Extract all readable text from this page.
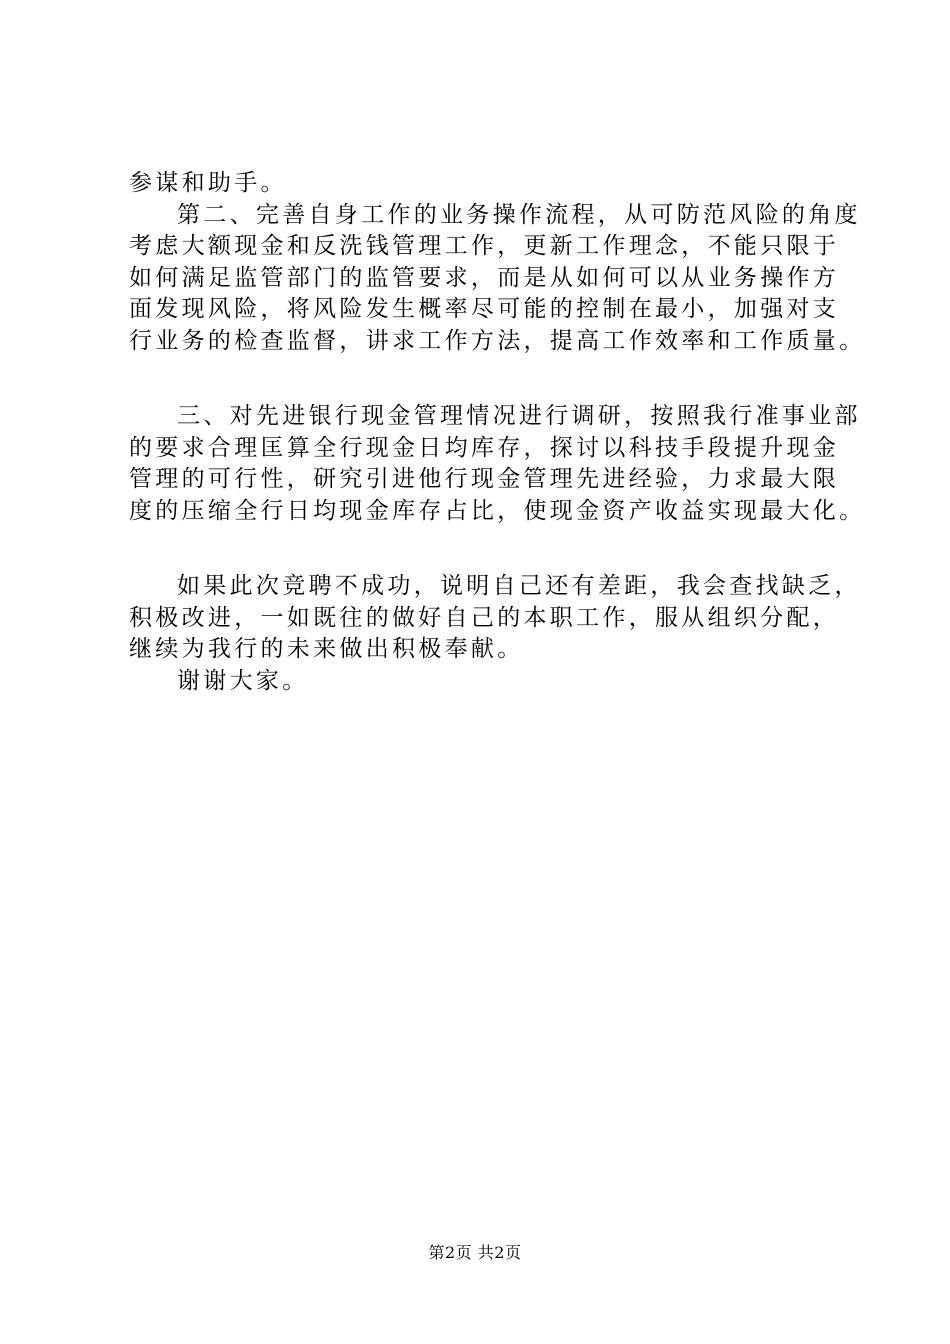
参谋和助手。
第二、完善自身工作的业务操作流程，从可防范风险的角度
考虑大额现金和反洗钱管理工作，更新工作理念，不能只限于
如何满足监管部门的监管要求，而是从如何可以从业务操作方
面发现风险，将风险发生概率尽可能的控制在最小，加强对支
行业务的检查监督，讲求工作方法，提高工作效率和工作质量。
三、对先进银行现金管理情况进行调研，按照我行准事业部
的要求合理匡算全行现金日均库存，探讨以科技手段提升现金
管理的可行性，研究引进他行现金管理先进经验，力求最大限
度的压缩全行日均现金库存占比，使现金资产收益实现最大化。
如果此次竞聘不成功，说明自己还有差距，我会查找缺乏，
积极改进，一如既往的做好自己的本职工作，服从组织分配，
继续为我行的未来做出积极奉献。
谢谢大家。
第2页 共2页
